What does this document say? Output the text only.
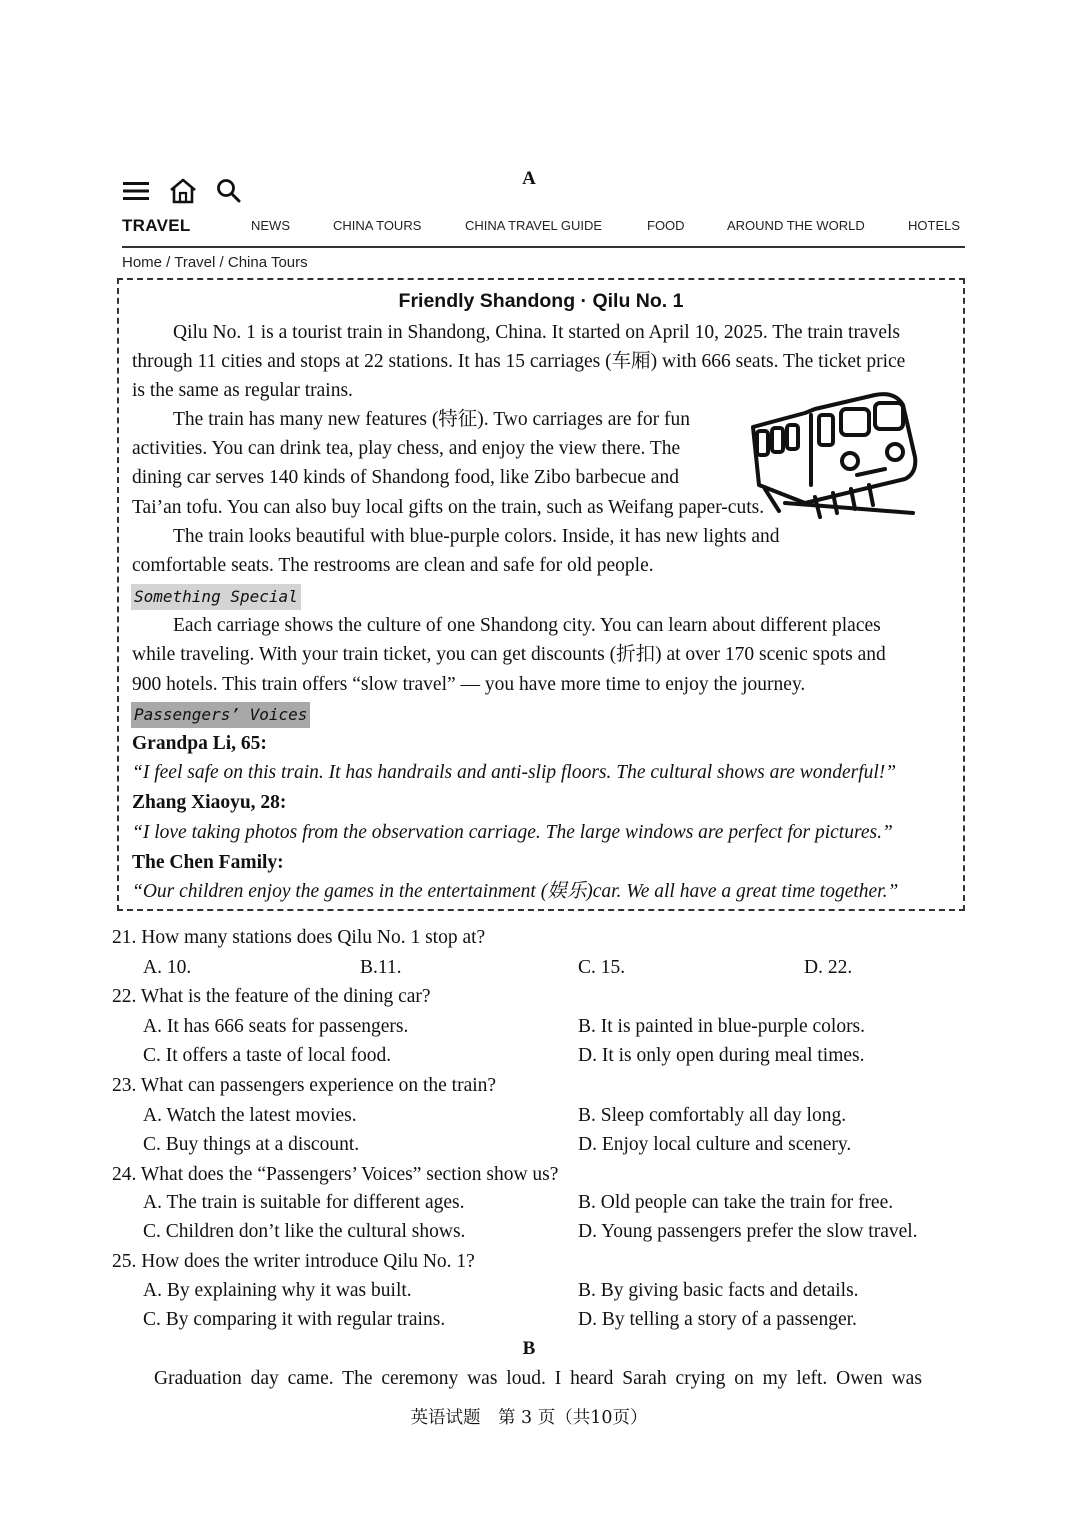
A
TRAVEL	NEWS	CHINA TOURS	CHINA TRAVEL GUIDE	FOOD	AROUND THE WORLD	HOTELS
Home / Travel / China Tours
Friendly Shandong · Qilu No. 1
Qilu No. 1 is a tourist train in Shandong, China. It started on April 10, 2025. The train travels
through 11 cities and stops at 22 stations. It has 15 carriages (车厢) with 666 seats. The ticket price
is the same as regular trains.
The train has many new features (特征). Two carriages are for fun
activities. You can drink tea, play chess, and enjoy the view there. The
dining car serves 140 kinds of Shandong food, like Zibo barbecue and
Tai’an tofu. You can also buy local gifts on the train, such as Weifang paper-cuts.
The train looks beautiful with blue-purple colors. Inside, it has new lights and
comfortable seats. The restrooms are clean and safe for old people.
Something Special
Each carriage shows the culture of one Shandong city. You can learn about different places
while traveling. With your train ticket, you can get discounts (折扣) at over 170 scenic spots and
900 hotels. This train offers “slow travel” — you have more time to enjoy the journey.
Passengers’ Voices
Grandpa Li, 65:
“I feel safe on this train. It has handrails and anti-slip floors. The cultural shows are wonderful!”
Zhang Xiaoyu, 28:
“I love taking photos from the observation carriage. The large windows are perfect for pictures.”
The Chen Family:
“Our children enjoy the games in the entertainment (娱乐)car. We all have a great time together.”
21. How many stations does Qilu No. 1 stop at?
A. 10.	B.11.	C. 15.	D. 22.
22. What is the feature of the dining car?
A. It has 666 seats for passengers.	B. It is painted in blue-purple colors.
C. It offers a taste of local food.	D. It is only open during meal times.
23. What can passengers experience on the train?
A. Watch the latest movies.	B. Sleep comfortably all day long.
C. Buy things at a discount.	D. Enjoy local culture and scenery.
24. What does the “Passengers’ Voices” section show us?
A. The train is suitable for different ages.	B. Old people can take the train for free.
C. Children don’t like the cultural shows.	D. Young passengers prefer the slow travel.
25. How does the writer introduce Qilu No. 1?
A. By explaining why it was built.	B. By giving basic facts and details.
C. By comparing it with regular trains.	D. By telling a story of a passenger.
B
Graduation day came. The ceremony was loud. I heard Sarah crying on my left. Owen was
英语试题　第 3 页（共10页）
